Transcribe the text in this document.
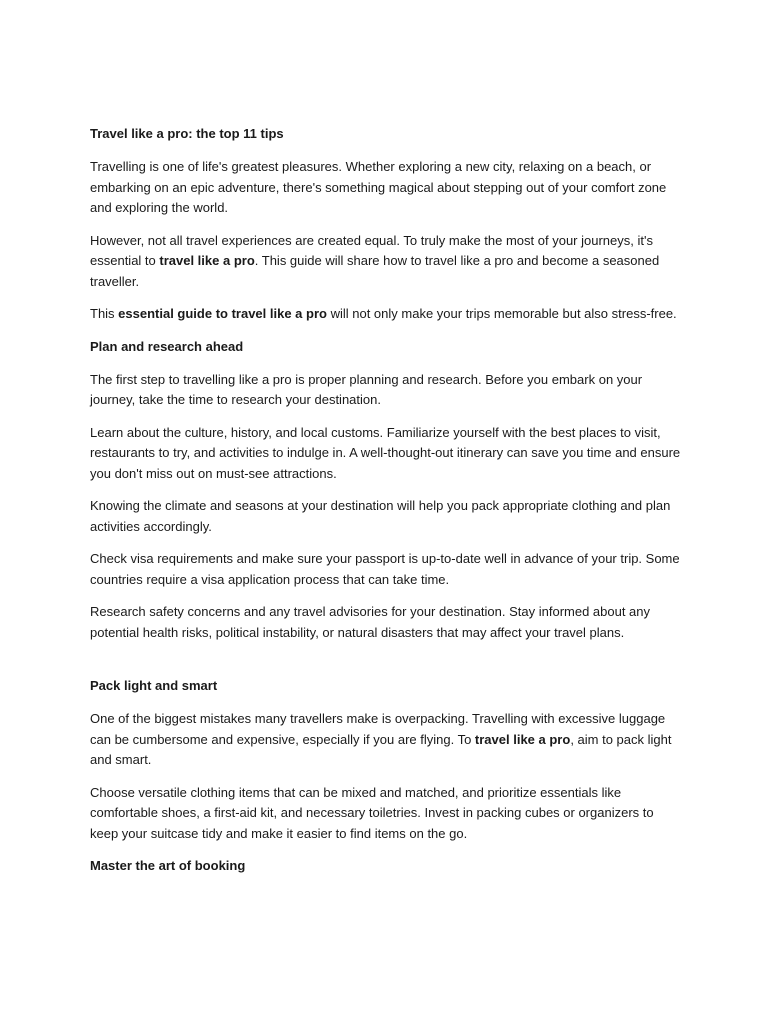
Travel like a pro: the top 11 tips

Travelling is one of life's greatest pleasures. Whether exploring a new city, relaxing on a beach, or embarking on an epic adventure, there's something magical about stepping out of your comfort zone and exploring the world.

However, not all travel experiences are created equal. To truly make the most of your journeys, it's essential to travel like a pro. This guide will share how to travel like a pro and become a seasoned traveller.

This essential guide to travel like a pro will not only make your trips memorable but also stress-free.

Plan and research ahead

The first step to travelling like a pro is proper planning and research. Before you embark on your journey, take the time to research your destination.

Learn about the culture, history, and local customs. Familiarize yourself with the best places to visit, restaurants to try, and activities to indulge in. A well-thought-out itinerary can save you time and ensure you don't miss out on must-see attractions.

Knowing the climate and seasons at your destination will help you pack appropriate clothing and plan activities accordingly.

Check visa requirements and make sure your passport is up-to-date well in advance of your trip. Some countries require a visa application process that can take time.

Research safety concerns and any travel advisories for your destination. Stay informed about any potential health risks, political instability, or natural disasters that may affect your travel plans.

Pack light and smart

One of the biggest mistakes many travellers make is overpacking. Travelling with excessive luggage can be cumbersome and expensive, especially if you are flying. To travel like a pro, aim to pack light and smart.

Choose versatile clothing items that can be mixed and matched, and prioritize essentials like comfortable shoes, a first-aid kit, and necessary toiletries. Invest in packing cubes or organizers to keep your suitcase tidy and make it easier to find items on the go.

Master the art of booking
